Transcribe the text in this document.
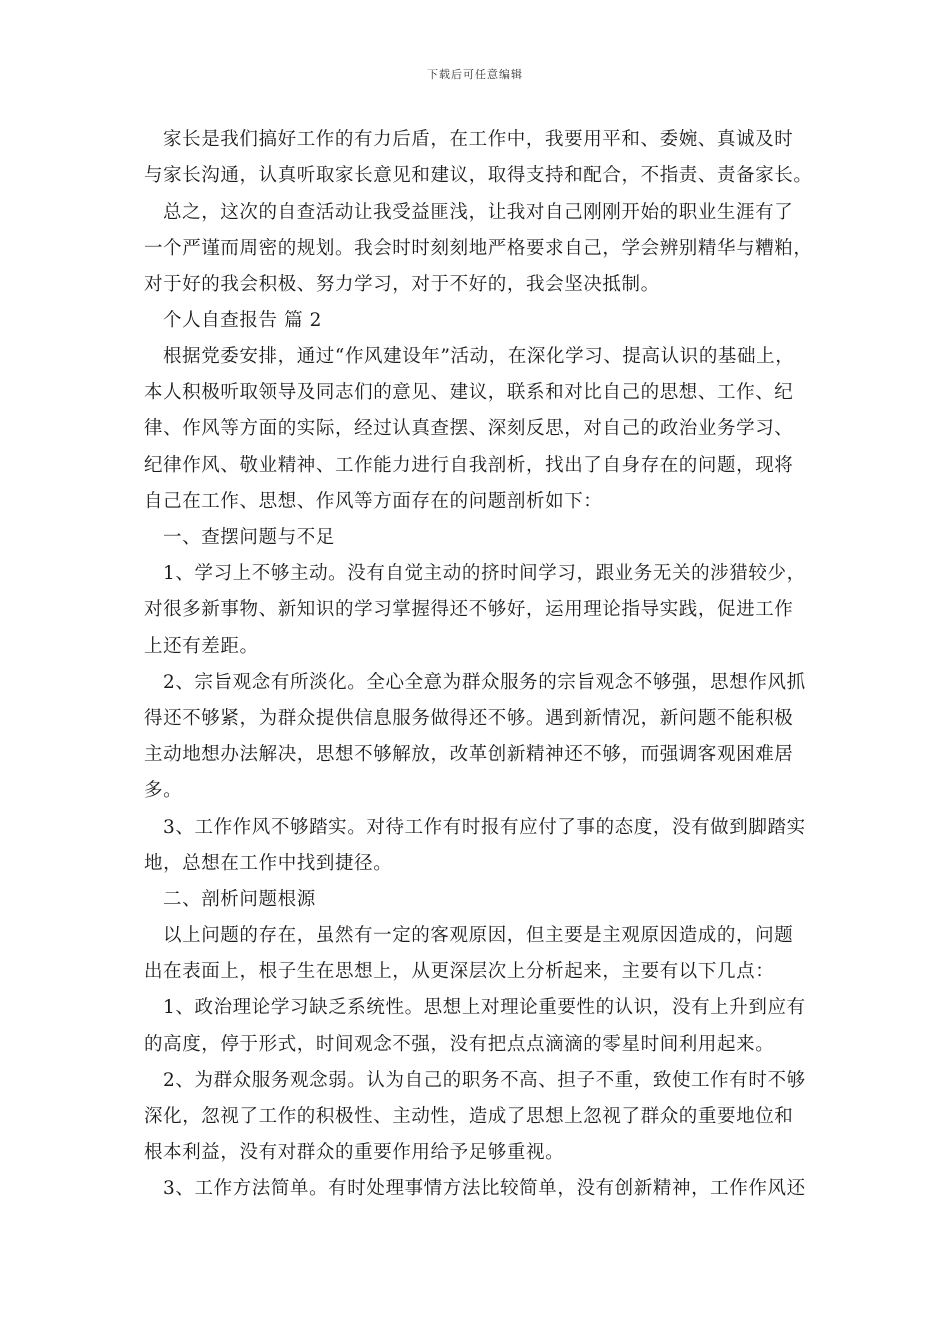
下载后可任意编辑
家长是我们搞好工作的有力后盾，在工作中，我要用平和、委婉、真诚及时
与家长沟通，认真听取家长意见和建议，取得支持和配合，不指责、责备家长。
总之，这次的自查活动让我受益匪浅，让我对自己刚刚开始的职业生涯有了
一个严谨而周密的规划。我会时时刻刻地严格要求自己，学会辨别精华与糟粕，
对于好的我会积极、努力学习，对于不好的，我会坚决抵制。
个人自查报告 篇 2
根据党委安排，通过“作风建设年”活动，在深化学习、提高认识的基础上，
本人积极听取领导及同志们的意见、建议，联系和对比自己的思想、工作、纪
律、作风等方面的实际，经过认真查摆、深刻反思，对自己的政治业务学习、
纪律作风、敬业精神、工作能力进行自我剖析，找出了自身存在的问题，现将
自己在工作、思想、作风等方面存在的问题剖析如下：
一、查摆问题与不足
1、学习上不够主动。没有自觉主动的挤时间学习，跟业务无关的涉猎较少，
对很多新事物、新知识的学习掌握得还不够好，运用理论指导实践，促进工作
上还有差距。
2、宗旨观念有所淡化。全心全意为群众服务的宗旨观念不够强，思想作风抓
得还不够紧，为群众提供信息服务做得还不够。遇到新情况，新问题不能积极
主动地想办法解决，思想不够解放，改革创新精神还不够，而强调客观困难居
多。
3、工作作风不够踏实。对待工作有时报有应付了事的态度，没有做到脚踏实
地，总想在工作中找到捷径。
二、剖析问题根源
以上问题的存在，虽然有一定的客观原因，但主要是主观原因造成的，问题
出在表面上，根子生在思想上，从更深层次上分析起来，主要有以下几点：
1、政治理论学习缺乏系统性。思想上对理论重要性的认识，没有上升到应有
的高度，停于形式，时间观念不强，没有把点点滴滴的零星时间利用起来。
2、为群众服务观念弱。认为自己的职务不高、担子不重，致使工作有时不够
深化，忽视了工作的积极性、主动性，造成了思想上忽视了群众的重要地位和
根本利益，没有对群众的重要作用给予足够重视。
3、工作方法简单。有时处理事情方法比较简单，没有创新精神，工作作风还
